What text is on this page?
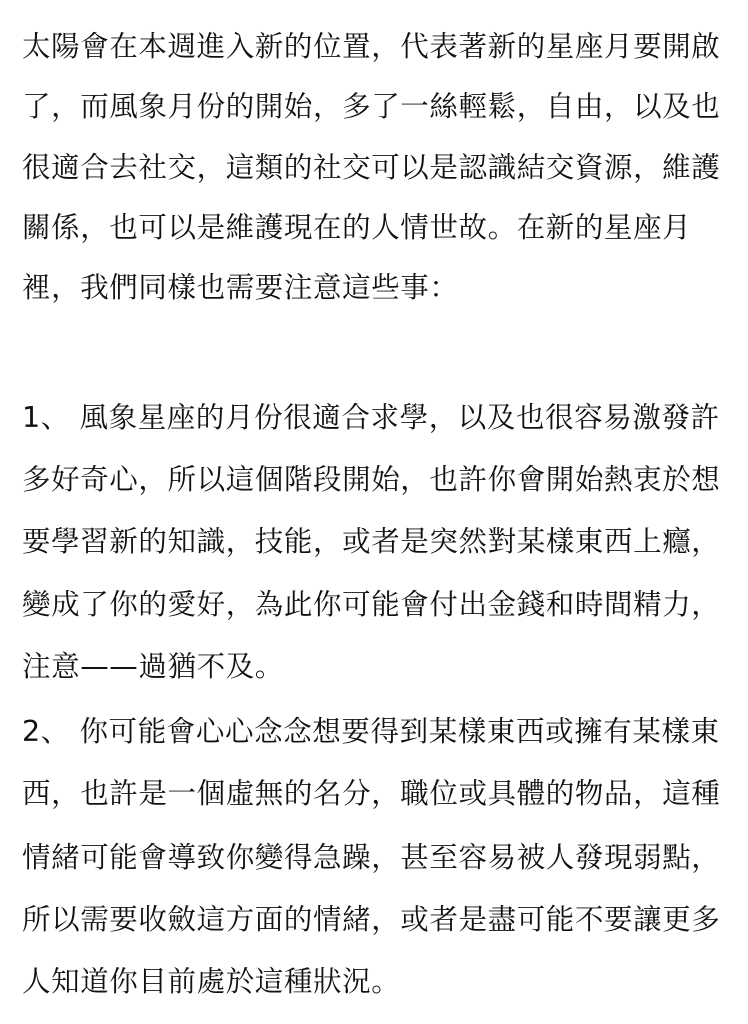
太陽會在本週進入新的位置，代表著新的星座月要開啟
了，而風象月份的開始，多了一絲輕鬆，自由，以及也
很適合去社交，這類的社交可以是認識結交資源，維護
關係，也可以是維護現在的人情世故。在新的星座月
裡，我們同樣也需要注意這些事：
1、 風象星座的月份很適合求學，以及也很容易激發許
多好奇心，所以這個階段開始，也許你會開始熱衷於想
要學習新的知識，技能，或者是突然對某樣東西上癮，
變成了你的愛好，為此你可能會付出金錢和時間精力，
注意——過猶不及。
2、 你可能會心心念念想要得到某樣東西或擁有某樣東
西，也許是一個虛無的名分，職位或具體的物品，這種
情緒可能會導致你變得急躁，甚至容易被人發現弱點，
所以需要收斂這方面的情緒，或者是盡可能不要讓更多
人知道你目前處於這種狀況。
